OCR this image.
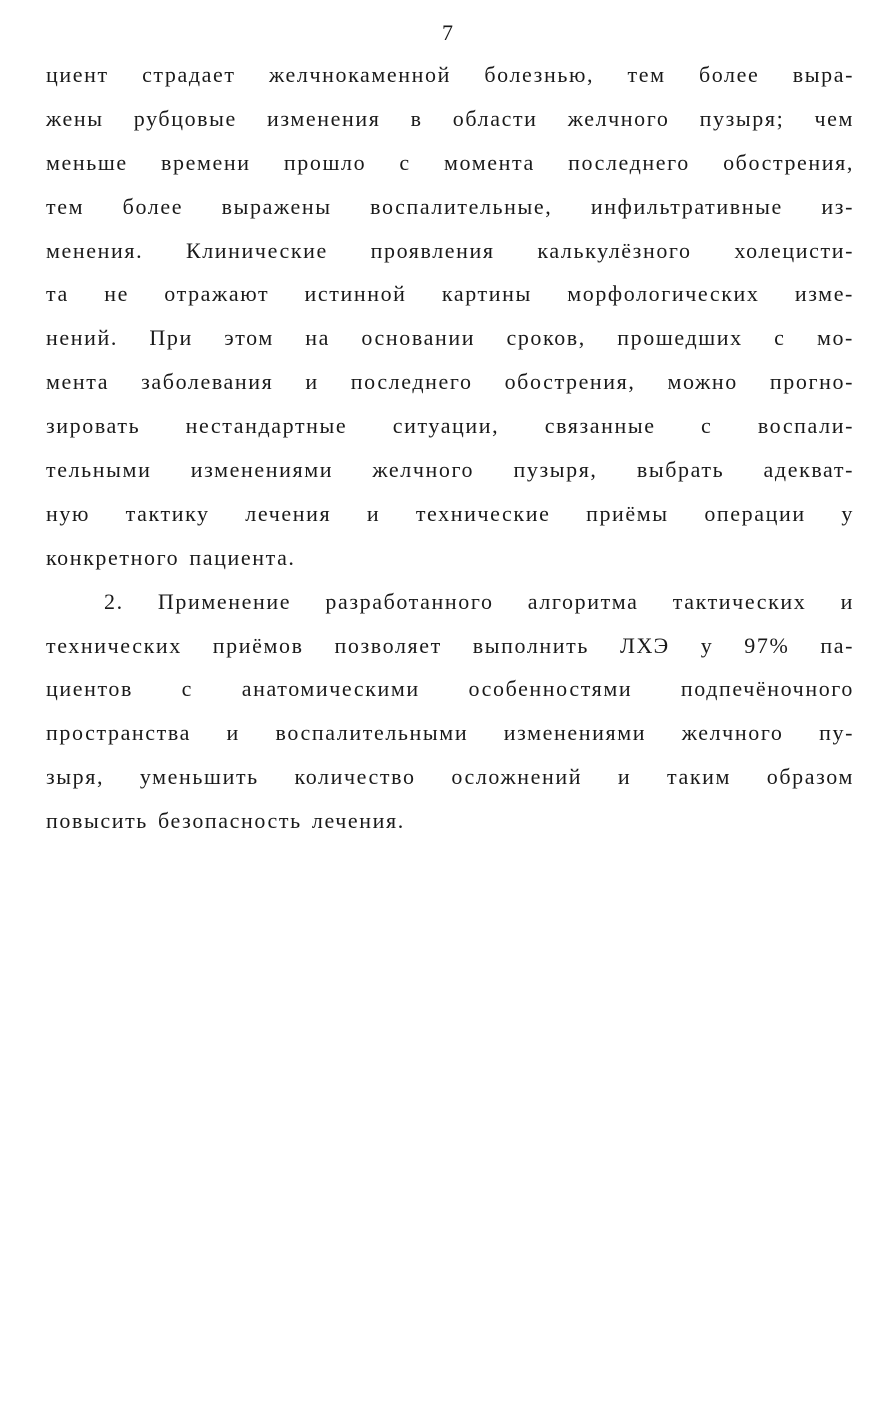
7
циент страдает желчнокаменной болезнью, тем более выра-
жены рубцовые изменения в области желчного пузыря; чем
меньше времени прошло с момента последнего обострения,
тем более выражены воспалительные, инфильтративные из-
менения. Клинические проявления калькулёзного холецисти-
та не отражают истинной картины морфологических изме-
нений. При этом на основании сроков, прошедших с мо-
мента заболевания и последнего обострения, можно прогно-
зировать нестандартные ситуации, связанные с воспали-
тельными изменениями желчного пузыря, выбрать адекват-
ную тактику лечения и технические приёмы операции у
конкретного пациента.
2. Применение разработанного алгоритма тактических и
технических приёмов позволяет выполнить ЛХЭ у 97% па-
циентов с анатомическими особенностями подпечёночного
пространства и воспалительными изменениями желчного пу-
зыря, уменьшить количество осложнений и таким образом
повысить безопасность лечения.
